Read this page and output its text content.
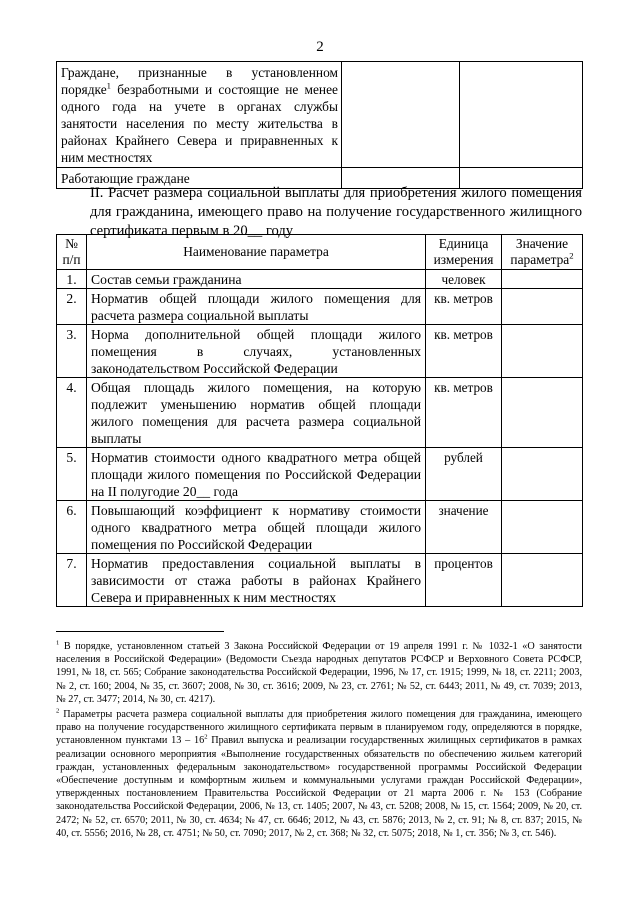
2
Граждане, признанные в установленном порядке$^1$ безработными и состоящие не менее одного года на учете в органах службы занятости населения по месту жительства в районах Крайнего Севера и приравненных к ним местностях		
Работающие граждане		
II. Расчет размера социальной выплаты для приобретения жилого помещения для гражданина, имеющего право на получение государственного жилищного сертификата первым в 20__ году
№ п/п	Наименование параметра	Единица измерения	Значение параметра$^2$
1.	Состав семьи гражданина	человек	
2.	Норматив общей площади жилого помещения для расчета размера социальной выплаты	кв. метров	
3.	Норма дополнительной общей площади жилого помещения в случаях, установленных законодательством Российской Федерации	кв. метров	
4.	Общая площадь жилого помещения, на которую подлежит уменьшению норматив общей площади жилого помещения для расчета размера социальной выплаты	кв. метров	
5.	Норматив стоимости одного квадратного метра общей площади жилого помещения по Российской Федерации на II полугодие 20__ года	рублей	
6.	Повышающий коэффициент к нормативу стоимости одного квадратного метра общей площади жилого помещения по Российской Федерации	значение	
7.	Норматив предоставления социальной выплаты в зависимости от стажа работы в районах Крайнего Севера и приравненных к ним местностях	процентов	
$^1$ В порядке, установленном статьей 3 Закона Российской Федерации от 19 апреля 1991 г. № 1032-1 «О занятости населения в Российской Федерации» (Ведомости Съезда народных депутатов РСФСР и Верховного Совета РСФСР, 1991, № 18, ст. 565; Собрание законодательства Российской Федерации, 1996, № 17, ст. 1915; 1999, № 18, ст. 2211; 2003, № 2, ст. 160; 2004, № 35, ст. 3607; 2008, № 30, ст. 3616; 2009, № 23, ст. 2761; № 52, ст. 6443; 2011, № 49, ст. 7039; 2013, № 27, ст. 3477; 2014, № 30, ст. 4217).
$^2$ Параметры расчета размера социальной выплаты для приобретения жилого помещения для гражданина, имеющего право на получение государственного жилищного сертификата первым в планируемом году, определяются в порядке, установленном пунктами $13 - 16^2$ Правил выпуска и реализации государственных жилищных сертификатов в рамках реализации основного мероприятия «Выполнение государственных обязательств по обеспечению жильем категорий граждан, установленных федеральным законодательством» государственной программы Российской Федерации «Обеспечение доступным и комфортным жильем и коммунальными услугами граждан Российской Федерации», утвержденных постановлением Правительства Российской Федерации от 21 марта 2006 г. № 153 (Собрание законодательства Российской Федерации, 2006, № 13, ст. 1405; 2007, № 43, ст. 5208; 2008, № 15, ст. 1564; 2009, № 20, ст. 2472; № 52, ст. 6570; 2011, № 30, ст. 4634; № 47, ст. 6646; 2012, № 43, ст. 5876; 2013, № 2, ст. 91; № 8, ст. 837; 2015, № 40, ст. 5556; 2016, № 28, ст. 4751; № 50, ст. 7090; 2017, № 2, ст. 368; № 32, ст. 5075; 2018, № 1, ст. 356; № 3, ст. 546).
